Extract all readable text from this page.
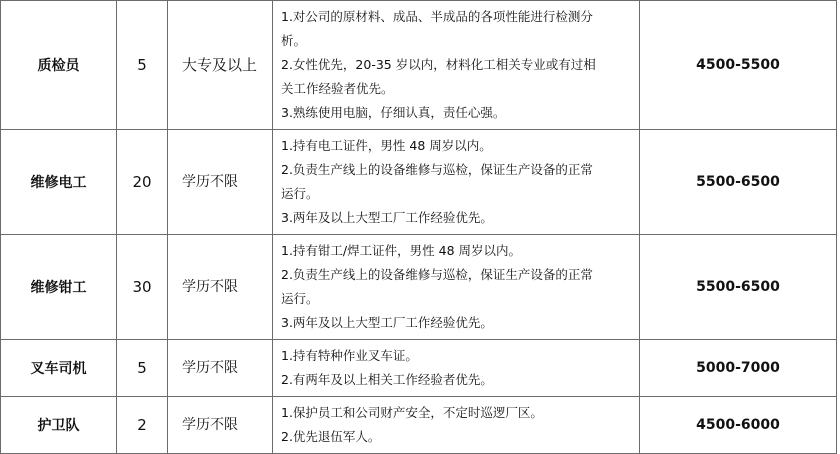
质检员	5	大专及以上	1.对公司的原材料、成品、半成品的各项性能进行检测分
析。
2.女性优先，20-35 岁以内，材料化工相关专业或有过相
关工作经验者优先。
3.熟练使用电脑，仔细认真，责任心强。	4500-5500
维修电工	20	学历不限	1.持有电工证件，男性 48 周岁以内。
2.负责生产线上的设备维修与巡检，保证生产设备的正常
运行。
3.两年及以上大型工厂工作经验优先。	5500-6500
维修钳工	30	学历不限	1.持有钳工/焊工证件，男性 48 周岁以内。
2.负责生产线上的设备维修与巡检，保证生产设备的正常
运行。
3.两年及以上大型工厂工作经验优先。	5500-6500
叉车司机	5	学历不限	1.持有特种作业叉车证。
2.有两年及以上相关工作经验者优先。	5000-7000
护卫队	2	学历不限	1.保护员工和公司财产安全，不定时巡逻厂区。
2.优先退伍军人。	4500-6000
